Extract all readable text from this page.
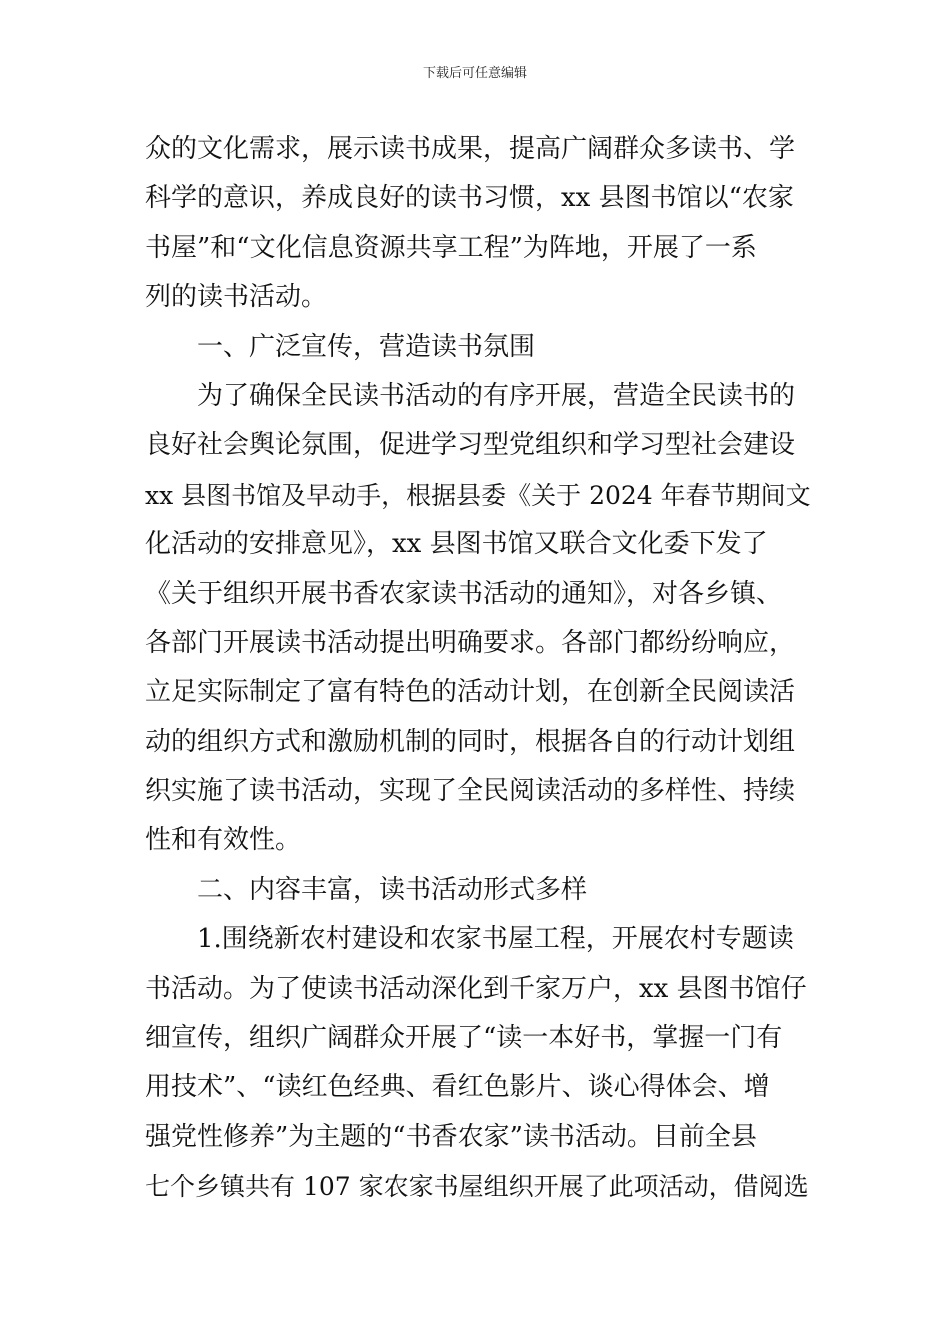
下载后可任意编辑
众的文化需求，展示读书成果，提高广阔群众多读书、学
科学的意识，养成良好的读书习惯，xx 县图书馆以“农家
书屋”和“文化信息资源共享工程”为阵地，开展了一系
列的读书活动。
一、广泛宣传，营造读书氛围
为了确保全民读书活动的有序开展，营造全民读书的
良好社会舆论氛围，促进学习型党组织和学习型社会建设
xx 县图书馆及早动手，根据县委《关于 2024 年春节期间文
化活动的安排意见》，xx 县图书馆又联合文化委下发了
《关于组织开展书香农家读书活动的通知》，对各乡镇、
各部门开展读书活动提出明确要求。各部门都纷纷响应，
立足实际制定了富有特色的活动计划，在创新全民阅读活
动的组织方式和激励机制的同时，根据各自的行动计划组
织实施了读书活动，实现了全民阅读活动的多样性、持续
性和有效性。
二、内容丰富，读书活动形式多样
1.围绕新农村建设和农家书屋工程，开展农村专题读
书活动。为了使读书活动深化到千家万户，xx 县图书馆仔
细宣传，组织广阔群众开展了“读一本好书，掌握一门有
用技术”、“读红色经典、看红色影片、谈心得体会、增
强党性修养”为主题的“书香农家”读书活动。目前全县
七个乡镇共有 107 家农家书屋组织开展了此项活动，借阅选
